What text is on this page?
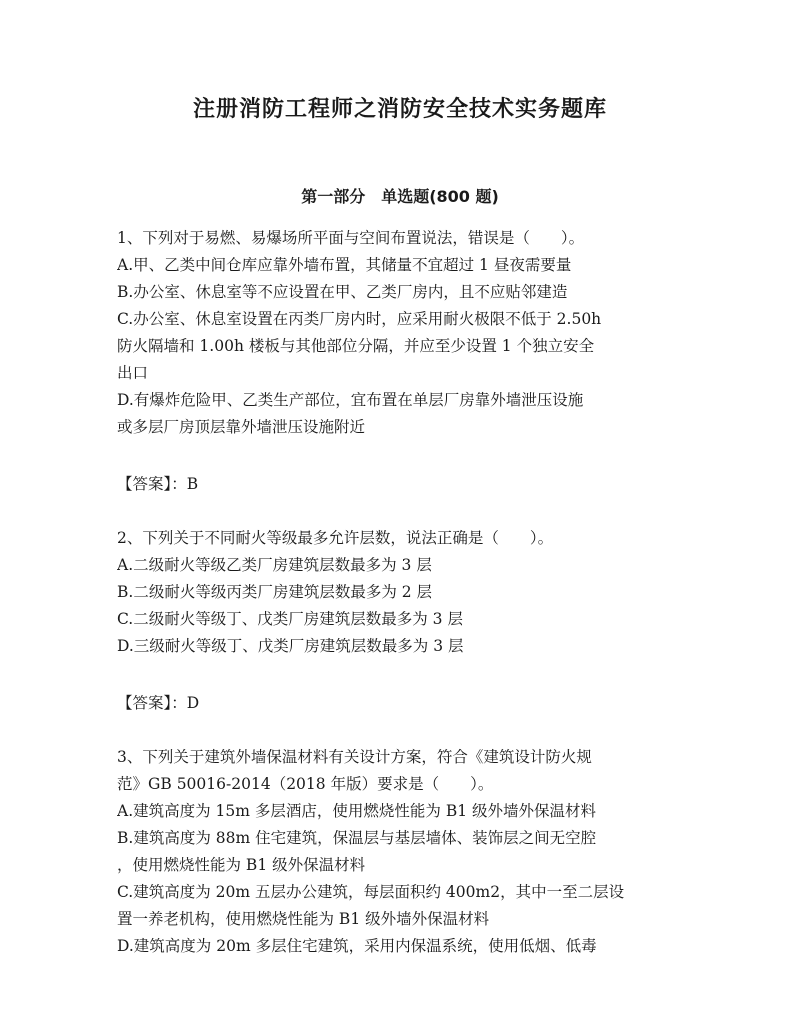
注册消防工程师之消防安全技术实务题库
第一部分　单选题(800 题)
1、下列对于易燃、易爆场所平面与空间布置说法，错误是（　　）。
A.甲、乙类中间仓库应靠外墙布置，其储量不宜超过 1 昼夜需要量
B.办公室、休息室等不应设置在甲、乙类厂房内，且不应贴邻建造
C.办公室、休息室设置在丙类厂房内时，应采用耐火极限不低于 2.50h
防火隔墙和 1.00h 楼板与其他部位分隔，并应至少设置 1 个独立安全
出口
D.有爆炸危险甲、乙类生产部位，宜布置在单层厂房靠外墙泄压设施
或多层厂房顶层靠外墙泄压设施附近
【答案】：B
2、下列关于不同耐火等级最多允许层数，说法正确是（　　）。
A.二级耐火等级乙类厂房建筑层数最多为 3 层
B.二级耐火等级丙类厂房建筑层数最多为 2 层
C.二级耐火等级丁、戊类厂房建筑层数最多为 3 层
D.三级耐火等级丁、戊类厂房建筑层数最多为 3 层
【答案】：D
3、下列关于建筑外墙保温材料有关设计方案，符合《建筑设计防火规
范》GB 50016-2014（2018 年版）要求是（　　）。
A.建筑高度为 15m 多层酒店，使用燃烧性能为 B1 级外墙外保温材料
B.建筑高度为 88m 住宅建筑，保温层与基层墙体、装饰层之间无空腔
，使用燃烧性能为 B1 级外保温材料
C.建筑高度为 20m 五层办公建筑，每层面积约 400m2，其中一至二层设
置一养老机构，使用燃烧性能为 B1 级外墙外保温材料
D.建筑高度为 20m 多层住宅建筑，采用内保温系统，使用低烟、低毒
